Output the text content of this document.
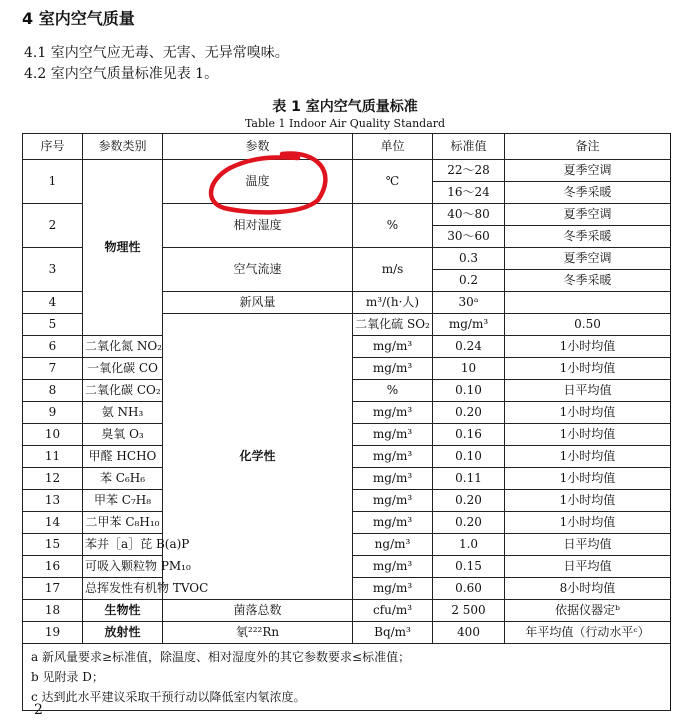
4 室内空气质量
4.1 室内空气应无毒、无害、无异常嗅味。
4.2 室内空气质量标准见表 1。
表 1 室内空气质量标准
Table 1 Indoor Air Quality Standard
序号	参数类别	参数	单位	标准值	备注	
1	物理性	温度	℃	22～28	夏季空调	
				16～24	冬季采暖	
2		相对湿度	%	40～80	夏季空调	
				30～60	冬季采暖	
3		空气流速	m/s	0.3	夏季空调	
				0.2	冬季采暖	
4		新风量	m³/(h·人)	30ᵃ		
5		化学性	二氧化硫 SO₂	mg/m³	0.50	
6	二氧化氮 NO₂		mg/m³	0.24	1小时均值	
7	一氧化碳 CO		mg/m³	10	1小时均值	
8	二氧化碳 CO₂		%	0.10	日平均值	
9	氨 NH₃		mg/m³	0.20	1小时均值	
10	臭氧 O₃		mg/m³	0.16	1小时均值	
11	甲醛 HCHO		mg/m³	0.10	1小时均值	
12	苯 C₆H₆		mg/m³	0.11	1小时均值	
13	甲苯 C₇H₈		mg/m³	0.20	1小时均值	
14	二甲苯 C₈H₁₀		mg/m³	0.20	1小时均值	
15	苯并［a］芘 B(a)P		ng/m³	1.0	日平均值	
16	可吸入颗粒物 PM₁₀		mg/m³	0.15	日平均值	
17	总挥发性有机物 TVOC		mg/m³	0.60	8小时均值	
18	生物性	菌落总数	cfu/m³	2 500	依据仪器定ᵇ	
19	放射性	氡²²²Rn	Bq/m³	400	年平均值（行动水平ᶜ）	

a 新风量要求≥标准值，除温度、相对湿度外的其它参数要求≤标准值；
b 见附录 D；
c 达到此水平建议采取干预行动以降低室内氡浓度。						
2
